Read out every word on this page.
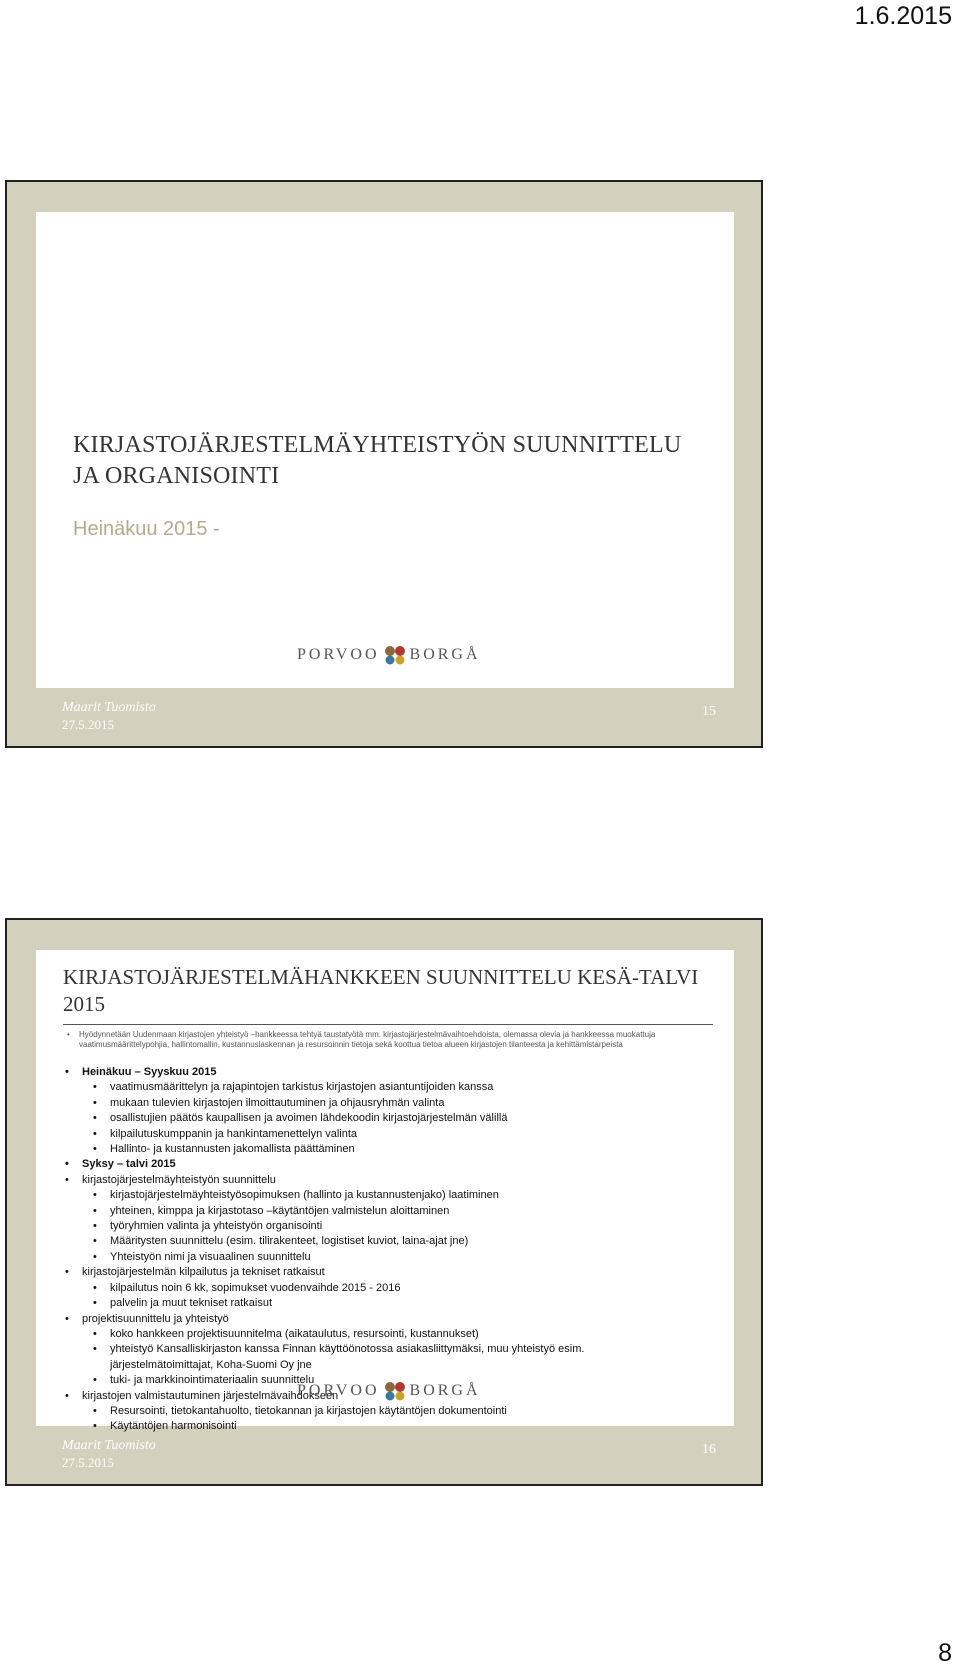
1.6.2015
KIRJASTOJÄRJESTELMÄYHTEISTYÖN SUUNNITTELU JA ORGANISOINTI
Heinäkuu 2015 -
PORVOO BORGÅ
Maarit Tuomisto
27.5.2015
15
KIRJASTOJÄRJESTELMÄHANKKEEN SUUNNITTELU KESÄ-TALVI 2015
•	Hyödynnetään Uudenmaan kirjastojen yhteistyö –hankkeessa tehtyä taustatyötä mm. kirjastojärjestelmävaihtoehdoista, olemassa olevia ja hankkeessa muokattuja vaatimusmäärittelypohjia, hallintomallin, kustannuslaskennan ja resursoinnin tietoja sekä koottua tietoa alueen kirjastojen tilanteesta ja kehittämistarpeista
•	Heinäkuu – Syyskuu 2015
•	vaatimusmäärittelyn ja rajapintojen tarkistus kirjastojen asiantuntijoiden kanssa
•	mukaan tulevien kirjastojen ilmoittautuminen ja ohjausryhmän valinta
•	osallistujien päätös kaupallisen ja avoimen lähdekoodin kirjastojärjestelmän välillä
•	kilpailutuskumppanin ja hankintamenettelyn valinta
•	Hallinto- ja kustannusten jakomallista päättäminen
•	Syksy – talvi 2015
•	kirjastojärjestelmäyhteistyön suunnittelu
•	kirjastojärjestelmäyhteistyösopimuksen (hallinto ja kustannustenjako) laatiminen
•	yhteinen, kimppa ja kirjastotaso –käytäntöjen valmistelun aloittaminen
•	työryhmien valinta ja yhteistyön organisointi
•	Määritysten suunnittelu (esim. tilirakenteet, logistiset kuviot, laina-ajat jne)
•	Yhteistyön nimi ja visuaalinen suunnittelu
•	kirjastojärjestelmän kilpailutus ja tekniset ratkaisut
•	kilpailutus noin 6 kk, sopimukset vuodenvaihde 2015 - 2016
•	palvelin ja muut tekniset ratkaisut
•	projektisuunnittelu ja yhteistyö
•	koko hankkeen projektisuunnitelma (aikataulutus, resursointi, kustannukset)
•	yhteistyö Kansalliskirjaston kanssa Finnan käyttöönotossa asiakasliittymäksi, muu yhteistyö esim.
järjestelmätoimittajat, Koha-Suomi Oy jne
•	tuki- ja markkinointimateriaalin suunnittelu
•	kirjastojen valmistautuminen järjestelmävaihdokseen
•	Resursointi, tietokantahuolto, tietokannan ja kirjastojen käytäntöjen dokumentointi
•	Käytäntöjen harmonisointi
PORVOO BORGÅ
Maarit Tuomisto
27.5.2015
16
8
